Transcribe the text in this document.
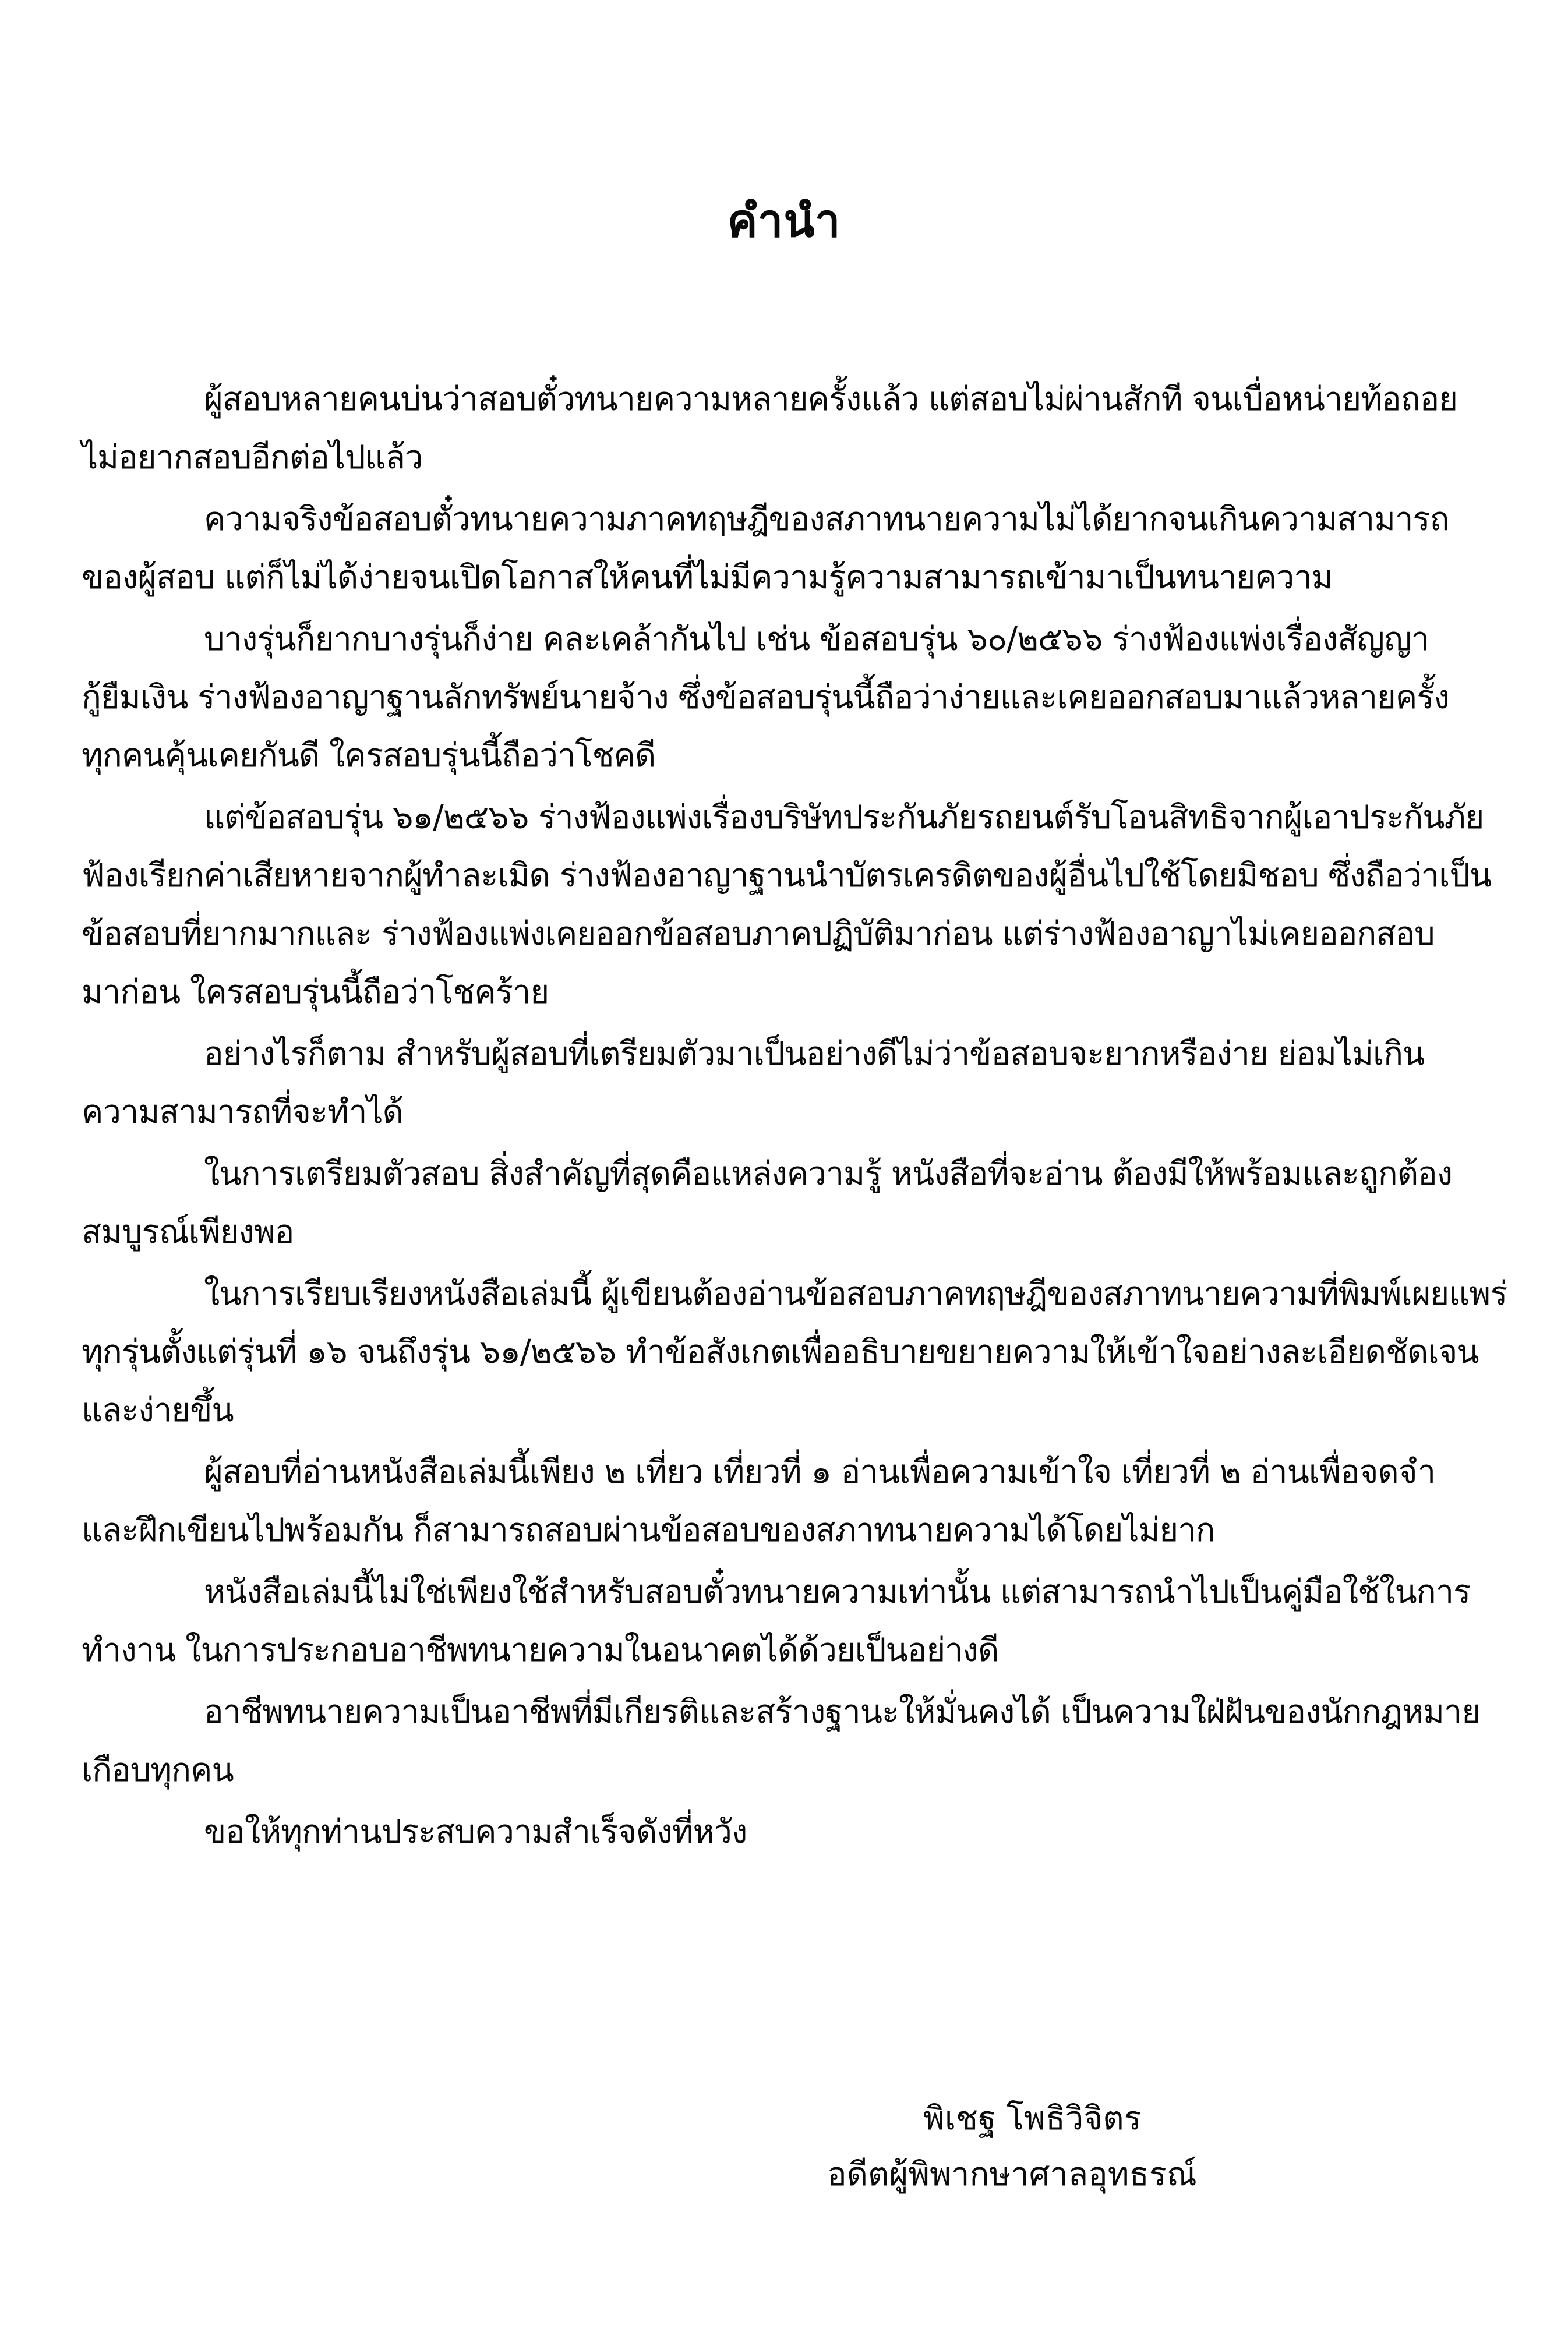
คำนำ
ผู้สอบหลายคนบ่นว่าสอบตั๋วทนายความหลายครั้งแล้ว แต่สอบไม่ผ่านสักที จนเบื่อหน่ายท้อถอย
ไม่อยากสอบอีกต่อไปแล้ว
ความจริงข้อสอบตั๋วทนายความภาคทฤษฎีของสภาทนายความไม่ได้ยากจนเกินความสามารถ
ของผู้สอบ แต่ก็ไม่ได้ง่ายจนเปิดโอกาสให้คนที่ไม่มีความรู้ความสามารถเข้ามาเป็นทนายความ
บางรุ่นก็ยากบางรุ่นก็ง่าย คละเคล้ากันไป เช่น ข้อสอบรุ่น ๖๐/๒๕๖๖ ร่างฟ้องแพ่งเรื่องสัญญา
กู้ยืมเงิน ร่างฟ้องอาญาฐานลักทรัพย์นายจ้าง ซึ่งข้อสอบรุ่นนี้ถือว่าง่ายและเคยออกสอบมาแล้วหลายครั้ง
ทุกคนคุ้นเคยกันดี ใครสอบรุ่นนี้ถือว่าโชคดี
แต่ข้อสอบรุ่น ๖๑/๒๕๖๖ ร่างฟ้องแพ่งเรื่องบริษัทประกันภัยรถยนต์รับโอนสิทธิจากผู้เอาประกันภัย
ฟ้องเรียกค่าเสียหายจากผู้ทำละเมิด ร่างฟ้องอาญาฐานนำบัตรเครดิตของผู้อื่นไปใช้โดยมิชอบ ซึ่งถือว่าเป็น
ข้อสอบที่ยากมากและ ร่างฟ้องแพ่งเคยออกข้อสอบภาคปฏิบัติมาก่อน แต่ร่างฟ้องอาญาไม่เคยออกสอบ
มาก่อน ใครสอบรุ่นนี้ถือว่าโชคร้าย
อย่างไรก็ตาม สำหรับผู้สอบที่เตรียมตัวมาเป็นอย่างดีไม่ว่าข้อสอบจะยากหรือง่าย ย่อมไม่เกิน
ความสามารถที่จะทำได้
ในการเตรียมตัวสอบ สิ่งสำคัญที่สุดคือแหล่งความรู้ หนังสือที่จะอ่าน ต้องมีให้พร้อมและถูกต้อง
สมบูรณ์เพียงพอ
ในการเรียบเรียงหนังสือเล่มนี้ ผู้เขียนต้องอ่านข้อสอบภาคทฤษฎีของสภาทนายความที่พิมพ์เผยแพร่
ทุกรุ่นตั้งแต่รุ่นที่ ๑๖ จนถึงรุ่น ๖๑/๒๕๖๖ ทำข้อสังเกตเพื่ออธิบายขยายความให้เข้าใจอย่างละเอียดชัดเจน
และง่ายขึ้น
ผู้สอบที่อ่านหนังสือเล่มนี้เพียง ๒ เที่ยว เที่ยวที่ ๑ อ่านเพื่อความเข้าใจ เที่ยวที่ ๒ อ่านเพื่อจดจำ
และฝึกเขียนไปพร้อมกัน ก็สามารถสอบผ่านข้อสอบของสภาทนายความได้โดยไม่ยาก
หนังสือเล่มนี้ไม่ใช่เพียงใช้สำหรับสอบตั๋วทนายความเท่านั้น แต่สามารถนำไปเป็นคู่มือใช้ในการ
ทำงาน ในการประกอบอาชีพทนายความในอนาคตได้ด้วยเป็นอย่างดี
อาชีพทนายความเป็นอาชีพที่มีเกียรติและสร้างฐานะให้มั่นคงได้ เป็นความใฝ่ฝันของนักกฎหมาย
เกือบทุกคน
ขอให้ทุกท่านประสบความสำเร็จดังที่หวัง
พิเชฐ โพธิวิจิตร
อดีตผู้พิพากษาศาลอุทธรณ์
